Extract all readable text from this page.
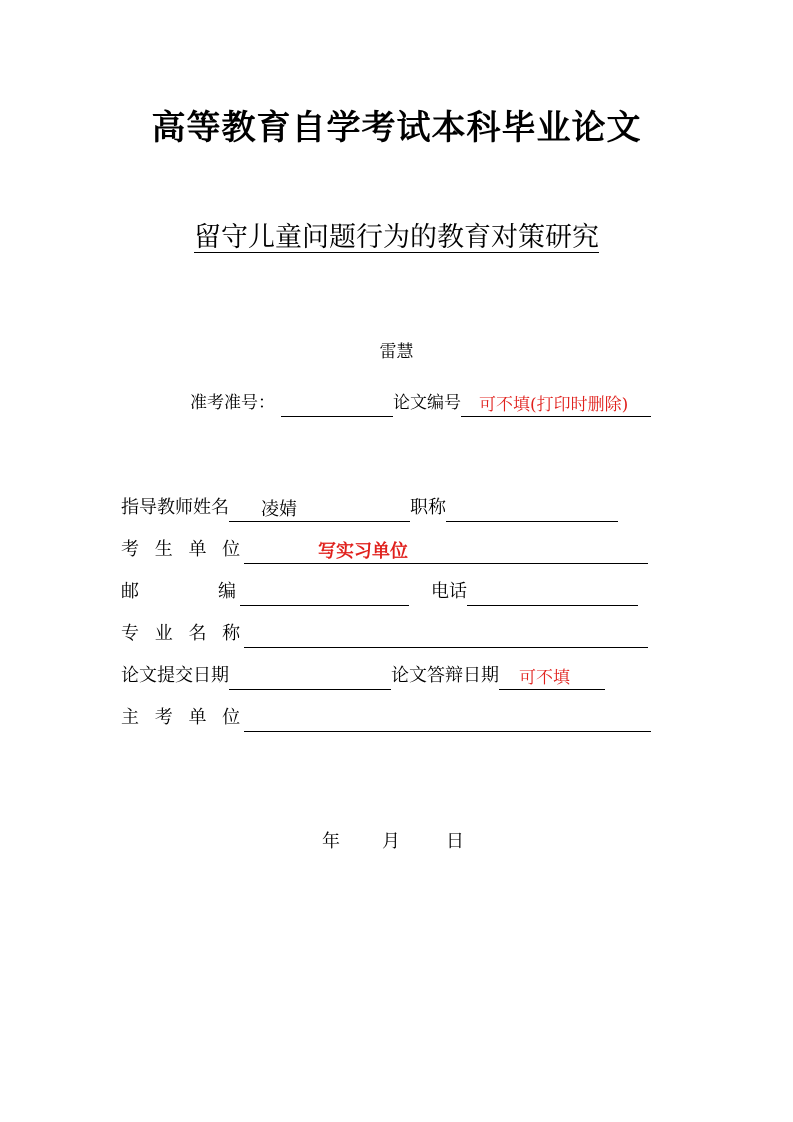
高等教育自学考试本科毕业论文
留守儿童问题行为的教育对策研究
雷慧
准考准号：	论文编号	可不填(打印时删除)
指导教师姓名	凌婧	职称
考 生 单 位	写实习单位
邮	编	电话
专 业 名 称
论文提交日期	论文答辩日期	可不填
主 考 单 位
年 月	日
